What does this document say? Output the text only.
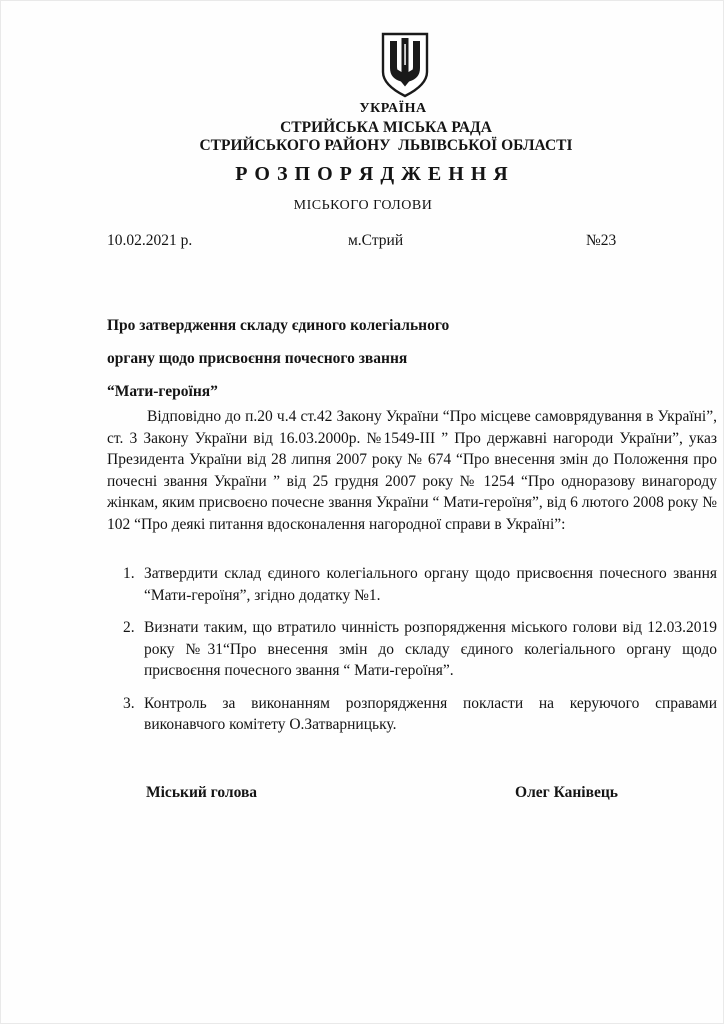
УКРАЇНА
СТРИЙСЬКА МІСЬКА РАДА
СТРИЙСЬКОГО РАЙОНУ  ЛЬВІВСЬКОЇ ОБЛАСТІ
Р О З П О Р Я Д Ж Е Н Н Я
МІСЬКОГО ГОЛОВИ
10.02.2021 р.	м.Стрий	№23
Про затвердження складу єдиного колегіального
органу щодо присвоєння почесного звання
“Мати-героїня”
Відповідно до п.20 ч.4 ст.42 Закону України “Про місцеве самоврядування в Україні”, ст. 3 Закону України від 16.03.2000р. №1549-ІІІ ” Про державні нагороди України”, указ Президента України від 28 липня 2007 року № 674 “Про внесення змін до Положення про почесні звання України ” від 25 грудня 2007 року № 1254 “Про одноразову винагороду жінкам, яким присвоєно почесне звання України “ Мати-героїня”, від 6 лютого 2008 року № 102 “Про деякі питання вдосконалення нагородної справи в Україні”:
1. Затвердити склад єдиного колегіального органу щодо присвоєння почесного звання “Мати-героїня”, згідно додатку №1.
2. Визнати таким, що втратило чинність розпорядження міського голови від 12.03.2019 року №31“Про внесення змін до складу єдиного колегіального органу щодо присвоєння почесного звання “ Мати-героїня”.
3. Контроль за виконанням розпорядження покласти на керуючого справами виконавчого комітету О.Затварницьку.
Міський голова	Олег Канівець
